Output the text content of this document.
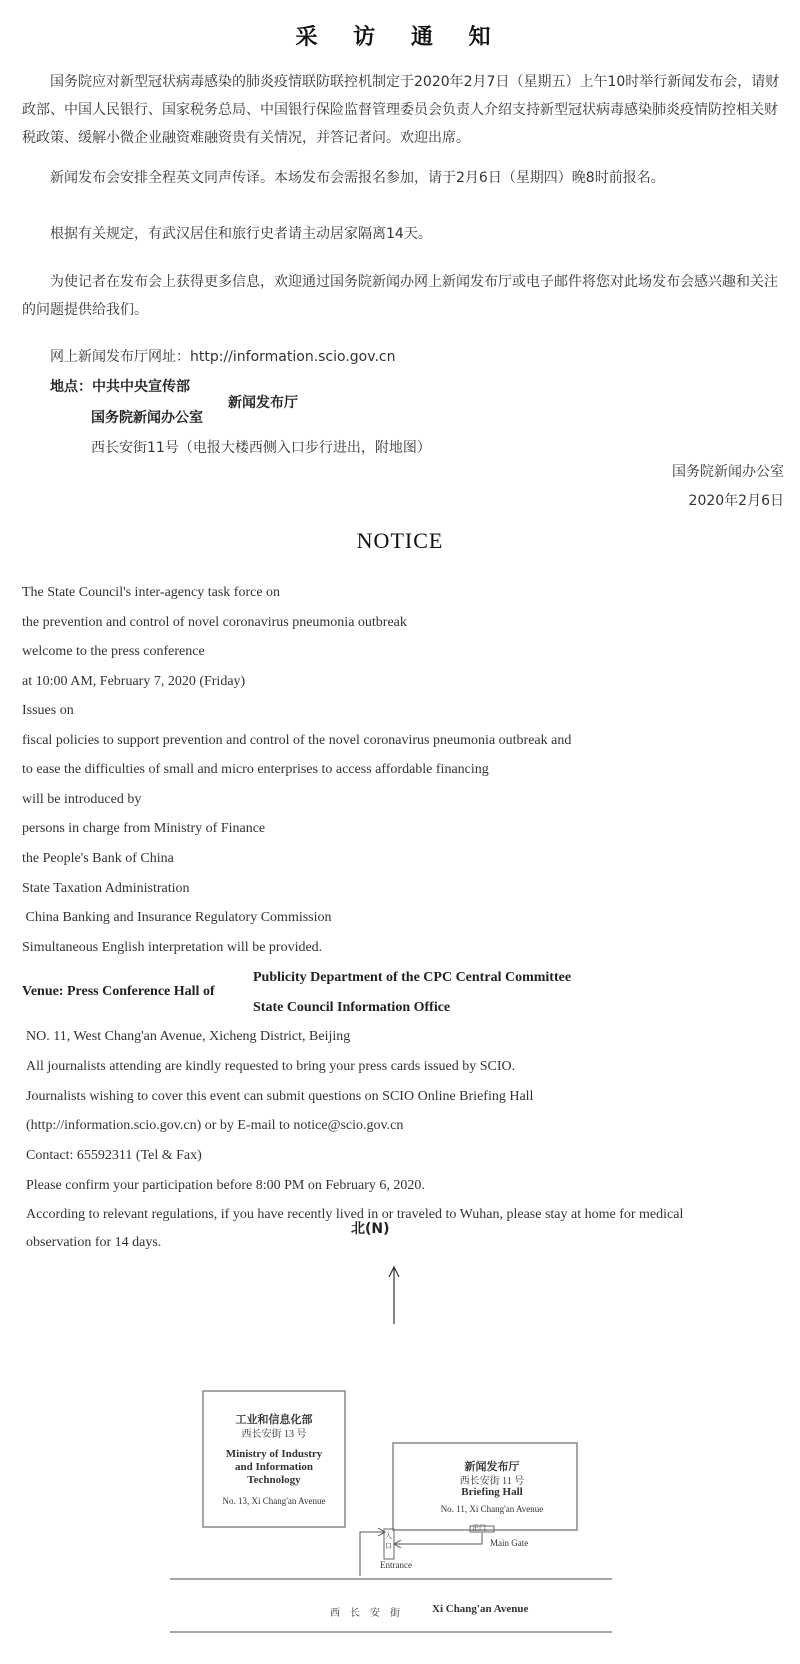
采 访 通 知
国务院应对新型冠状病毒感染的肺炎疫情联防联控机制定于2020年2月7日（星期五）上午10时举行新闻发布会，请财政部、中国人民银行、国家税务总局、中国银行保险监督管理委员会负责人介绍支持新型冠状病毒感染肺炎疫情防控相关财税政策、缓解小微企业融资难融资贵有关情况，并答记者问。欢迎出席。
新闻发布会安排全程英文同声传译。本场发布会需报名参加，请于2月6日（星期四）晚8时前报名。
根据有关规定，有武汉居住和旅行史者请主动居家隔离14天。
为使记者在发布会上获得更多信息，欢迎通过国务院新闻办网上新闻发布厅或电子邮件将您对此场发布会感兴趣和关注的问题提供给我们。
网上新闻发布厅网址：http://information.scio.gov.cn
地点：中共中央宣传部
国务院新闻办公室
新闻发布厅
西长安街11号（电报大楼西侧入口步行进出，附地图）
国务院新闻办公室
2020年2月6日
NOTICE
The State Council's inter-agency task force on
the prevention and control of novel coronavirus pneumonia outbreak
welcome to the press conference
at 10:00 AM, February 7, 2020 (Friday)
Issues on
fiscal policies to support prevention and control of the novel coronavirus pneumonia outbreak and
to ease the difficulties of small and micro enterprises to access affordable financing
will be introduced by
persons in charge from Ministry of Finance
the People's Bank of China
State Taxation Administration
China Banking and Insurance Regulatory Commission
Simultaneous English interpretation will be provided.
Venue: Press Conference Hall of
Publicity Department of the CPC Central Committee
State Council Information Office
NO. 11, West Chang'an Avenue, Xicheng District, Beijing
All journalists attending are kindly requested to bring your press cards issued by SCIO.
Journalists wishing to cover this event can submit questions on SCIO Online Briefing Hall
(http://information.scio.gov.cn) or by E-mail to notice@scio.gov.cn
Contact: 65592311 (Tel & Fax)
Please confirm your participation before 8:00 PM on February 6, 2020.
According to relevant regulations, if you have recently lived in or traveled to Wuhan, please stay at home for medical
observation for 14 days.
北(N)
工业和信息化部
西长安街 13 号
Ministry of Industry
and Information
Technology
No. 13, Xi Chang'an Avenue
新闻发布厅
西长安街 11 号
Briefing Hall
No. 11, Xi Chang'an Avenue
入
口
Entrance
正门
Main Gate
西　长　安　街	Xi Chang'an Avenue
